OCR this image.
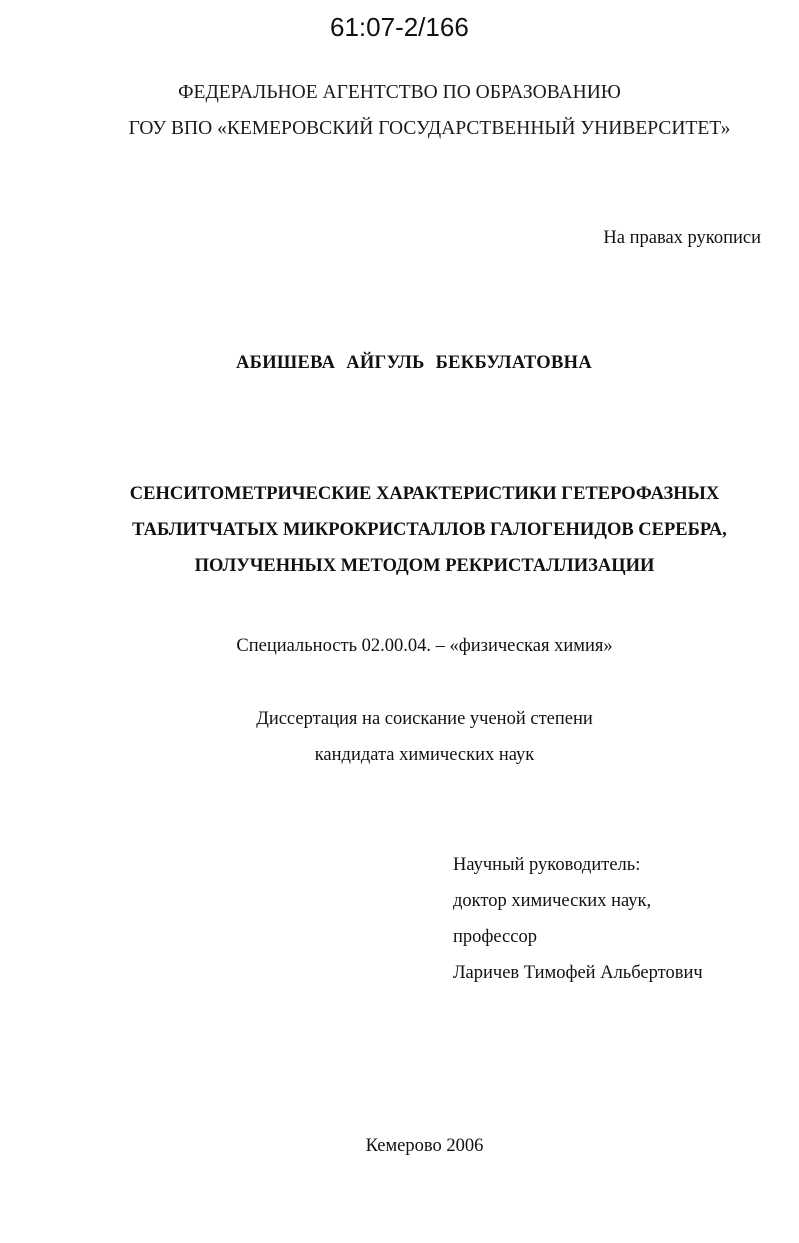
61:07-2/166
ФЕДЕРАЛЬНОЕ АГЕНТСТВО ПО ОБРАЗОВАНИЮ
ГОУ ВПО «КЕМЕРОВСКИЙ ГОСУДАРСТВЕННЫЙ УНИВЕРСИТЕТ»
На правах рукописи
АБИШЕВА АЙГУЛЬ БЕКБУЛАТОВНА
СЕНСИТОМЕТРИЧЕСКИЕ ХАРАКТЕРИСТИКИ ГЕТЕРОФАЗНЫХ
ТАБЛИТЧАТЫХ МИКРОКРИСТАЛЛОВ ГАЛОГЕНИДОВ СЕРЕБРА,
ПОЛУЧЕННЫХ МЕТОДОМ РЕКРИСТАЛЛИЗАЦИИ
Специальность 02.00.04. – «физическая химия»
Диссертация на соискание ученой степени
кандидата химических наук
Научный руководитель:
доктор химических наук,
профессор
Ларичев Тимофей Альбертович
Кемерово 2006
